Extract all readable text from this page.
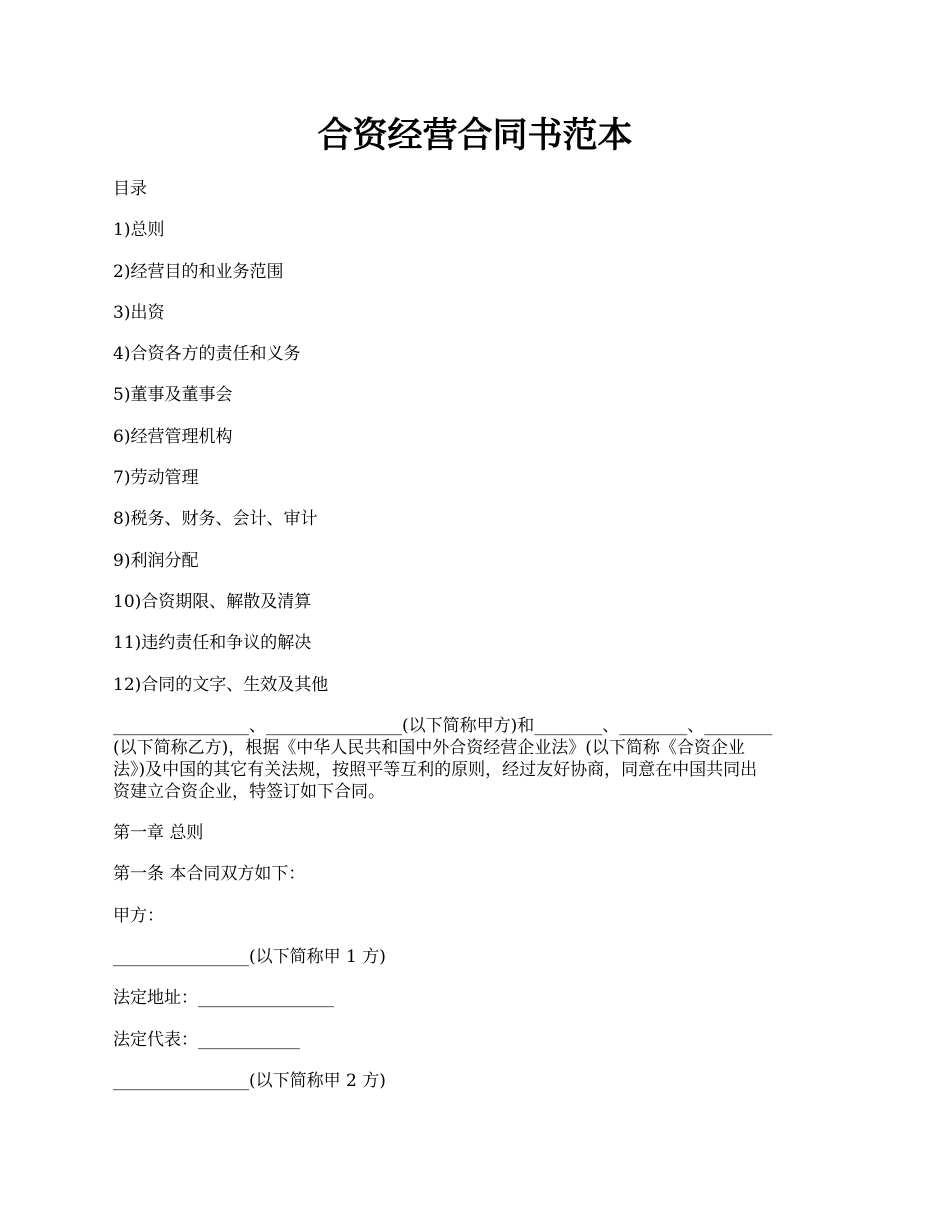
合资经营合同书范本

目录

1)总则

2)经营目的和业务范围

3)出资

4)合资各方的责任和义务

5)董事及董事会

6)经营管理机构

7)劳动管理

8)税务、财务、会计、审计

9)利润分配

10)合资期限、解散及清算

11)违约责任和争议的解决

12)合同的文字、生效及其他

________________、________________(以下简称甲方)和________、________、________
(以下简称乙方)，根据《中华人民共和国中外合资经营企业法》(以下简称《合资企业
法》)及中国的其它有关法规，按照平等互利的原则，经过友好协商，同意在中国共同出
资建立合资企业，特签订如下合同。

第一章 总则

第一条 本合同双方如下：

甲方：

________________(以下简称甲 1 方)

法定地址：________________

法定代表：____________

________________(以下简称甲 2 方)
